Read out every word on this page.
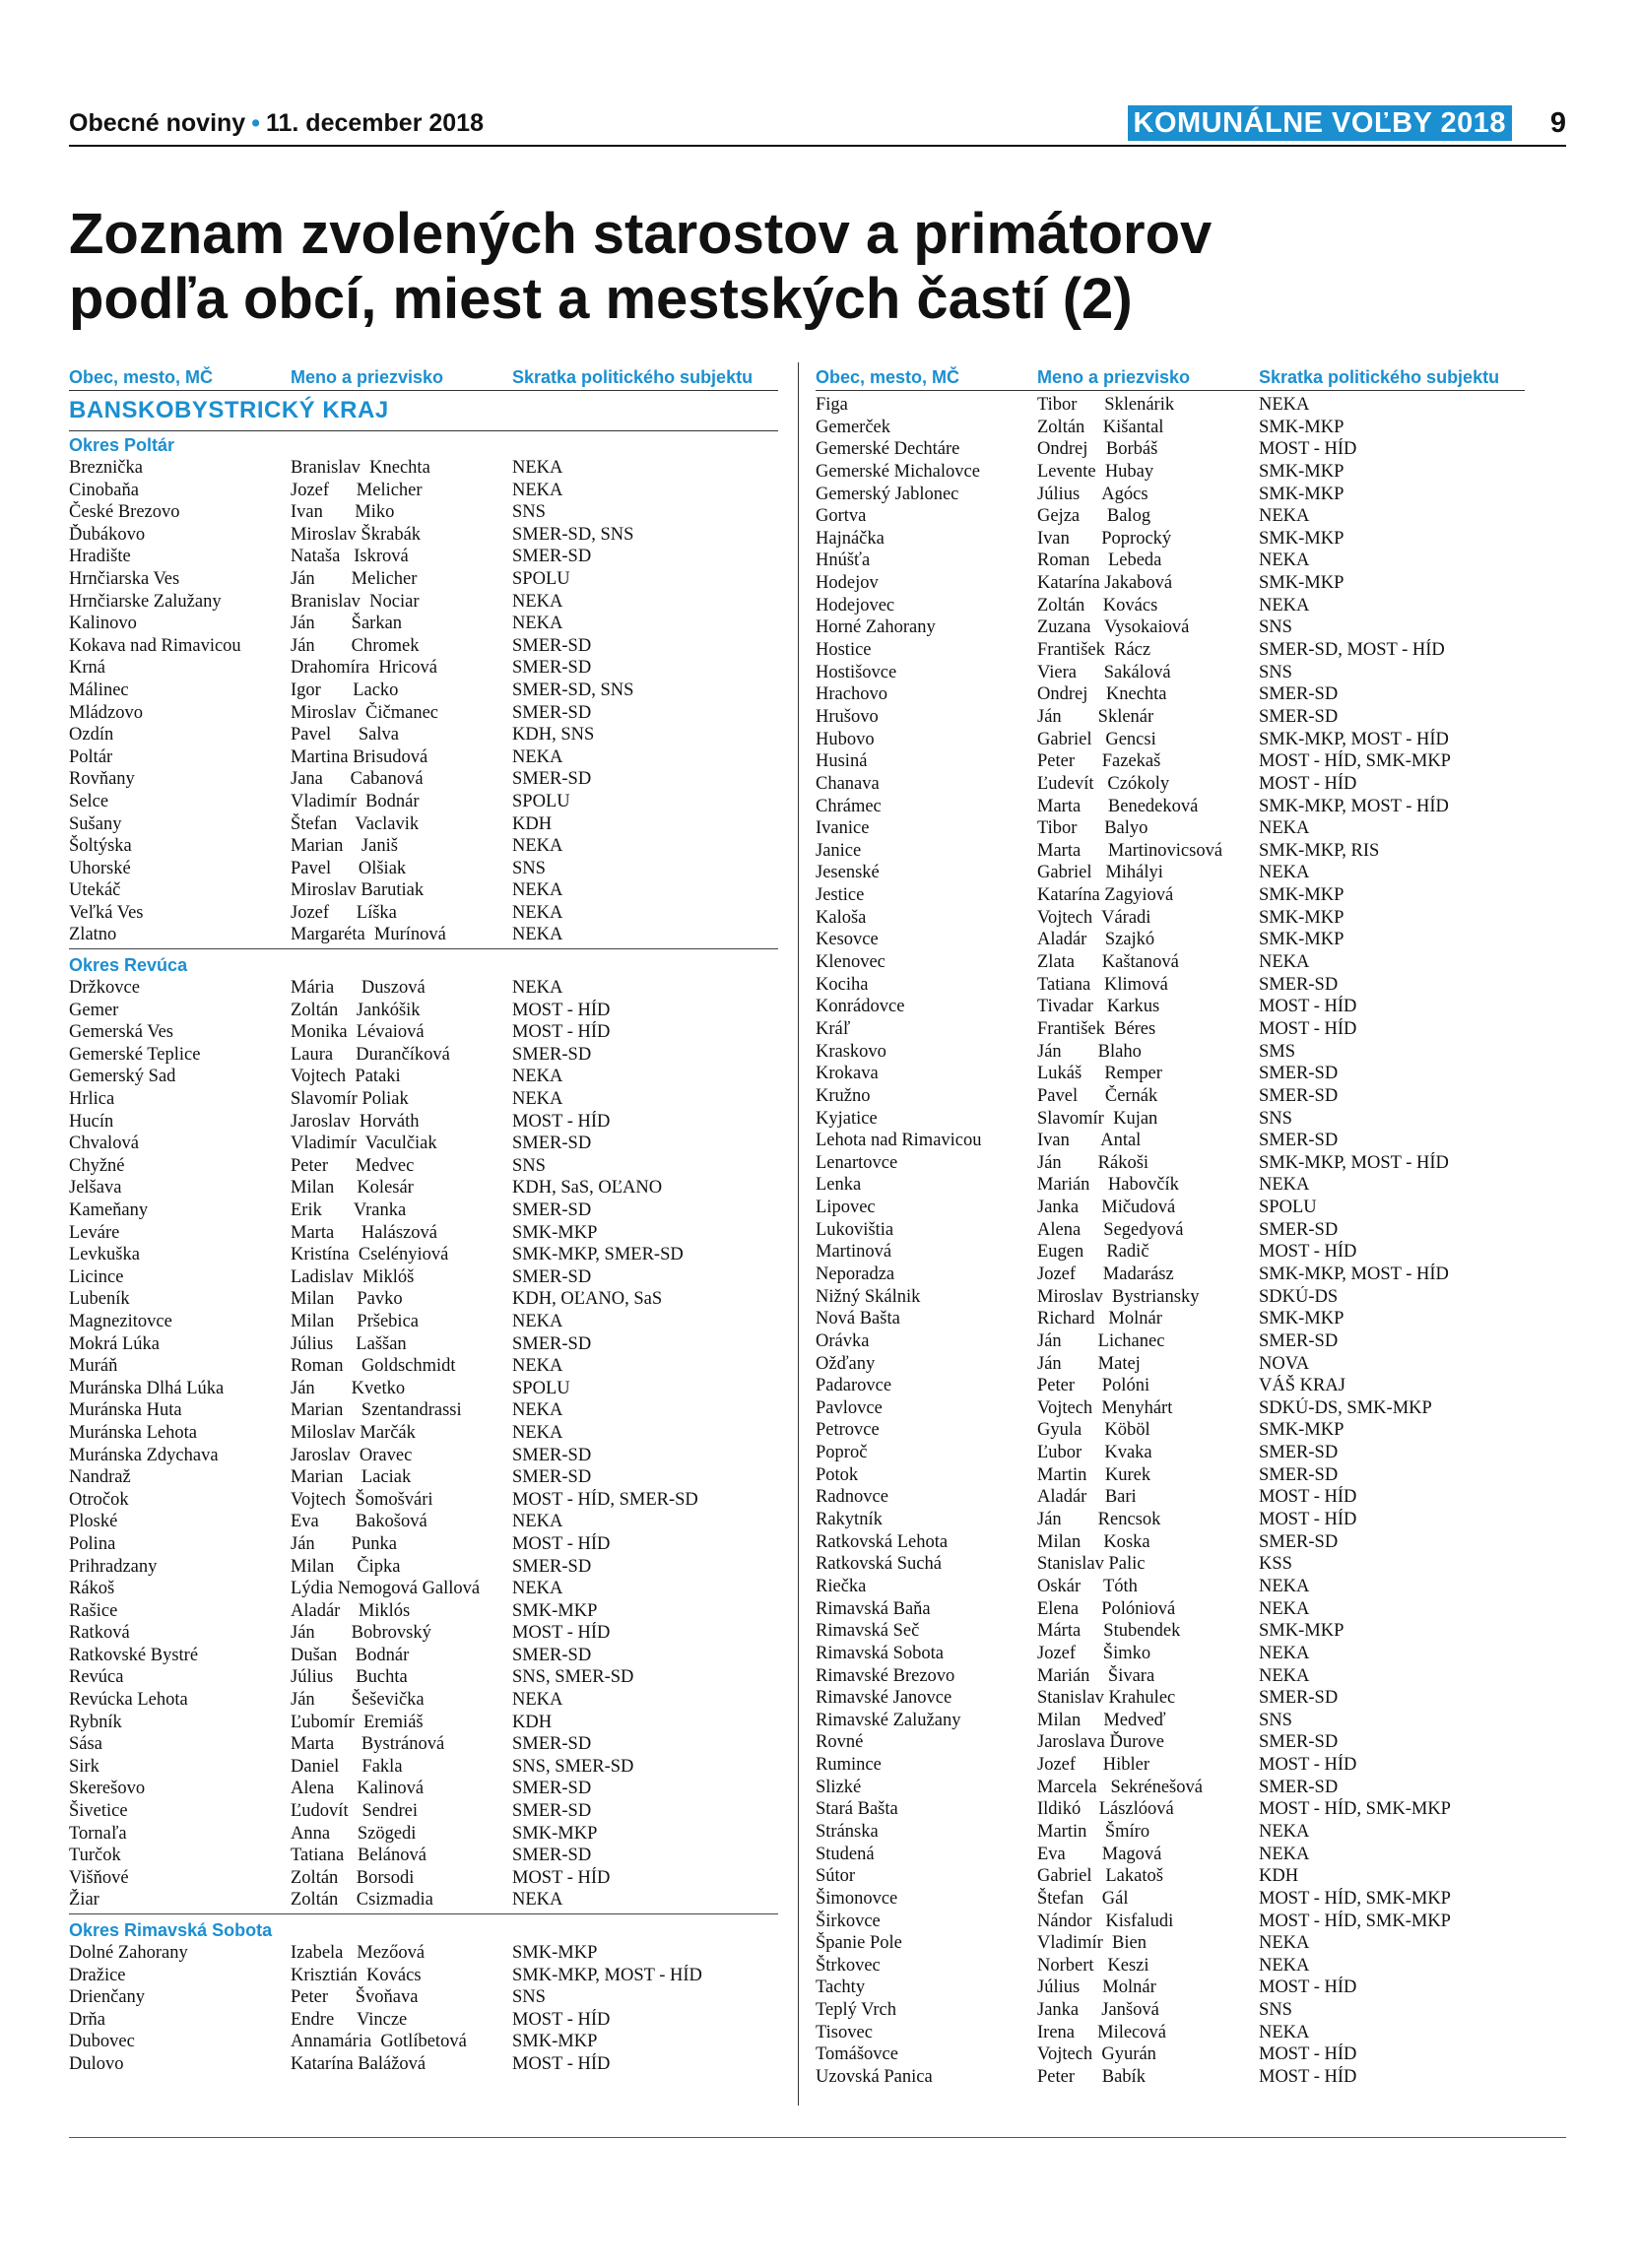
Obecné noviny • 11. december 2018	KOMUNÁLNE VOĽBY 2018 9
Zoznam zvolených starostov a primátorov
podľa obcí, miest a mestských častí (2)
Obec, mesto, MČ	Meno a priezvisko	Skratka politického subjektu
BANSKOBYSTRICKÝ KRAJ
Okres Poltár
Breznička	Branislav  Knechta	NEKA
Cinobaňa	Jozef      Melicher	NEKA
České Brezovo	Ivan       Miko	SNS
Ďubákovo	Miroslav Škrabák	SMER-SD, SNS
Hradište	Nataša   Iskrová	SMER-SD
Hrnčiarska Ves	Ján        Melicher	SPOLU
Hrnčiarske Zalužany	Branislav  Nociar	NEKA
Kalinovo	Ján        Šarkan	NEKA
Kokava nad Rimavicou	Ján        Chromek	SMER-SD
Krná	Drahomíra  Hricová	SMER-SD
Málinec	Igor       Lacko	SMER-SD, SNS
Mládzovo	Miroslav  Čičmanec	SMER-SD
Ozdín	Pavel      Salva	KDH, SNS
Poltár	Martina Brisudová	NEKA
Rovňany	Jana      Cabanová	SMER-SD
Selce	Vladimír  Bodnár	SPOLU
Sušany	Štefan    Vaclavik	KDH
Šoltýska	Marian    Janiš	NEKA
Uhorské	Pavel      Olšiak	SNS
Utekáč	Miroslav Barutiak	NEKA
Veľká Ves	Jozef      Líška	NEKA
Zlatno	Margaréta  Murínová	NEKA
Okres Revúca
Držkovce	Mária      Duszová	NEKA
Gemer	Zoltán    Jankóšik	MOST - HÍD
Gemerská Ves	Monika  Lévaiová	MOST - HÍD
Gemerské Teplice	Laura     Durančíková	SMER-SD
Gemerský Sad	Vojtech  Pataki	NEKA
Hrlica	Slavomír Poliak	NEKA
Hucín	Jaroslav  Horváth	MOST - HÍD
Chvalová	Vladimír  Vaculčiak	SMER-SD
Chyžné	Peter      Medvec	SNS
Jelšava	Milan     Kolesár	KDH, SaS, OĽANO
Kameňany	Erik       Vranka	SMER-SD
Leváre	Marta      Halászová	SMK-MKP
Levkuška	Kristína  Cselényiová	SMK-MKP, SMER-SD
Licince	Ladislav  Miklóš	SMER-SD
Lubeník	Milan     Pavko	KDH, OĽANO, SaS
Magnezitovce	Milan     Pršebica	NEKA
Mokrá Lúka	Július     Laššan	SMER-SD
Muráň	Roman    Goldschmidt	NEKA
Muránska Dlhá Lúka	Ján        Kvetko	SPOLU
Muránska Huta	Marian    Szentandrassi	NEKA
Muránska Lehota	Miloslav Marčák	NEKA
Muránska Zdychava	Jaroslav  Oravec	SMER-SD
Nandraž	Marian    Laciak	SMER-SD
Otročok	Vojtech  Šomošvári	MOST - HÍD, SMER-SD
Ploské	Eva        Bakošová	NEKA
Polina	Ján        Punka	MOST - HÍD
Prihradzany	Milan     Čipka	SMER-SD
Rákoš	Lýdia Nemogová Gallová	NEKA
Rašice	Aladár    Miklós	SMK-MKP
Ratková	Ján        Bobrovský	MOST - HÍD
Ratkovské Bystré	Dušan    Bodnár	SMER-SD
Revúca	Július     Buchta	SNS, SMER-SD
Revúcka Lehota	Ján        Šeševička	NEKA
Rybník	Ľubomír  Eremiáš	KDH
Sása	Marta      Bystránová	SMER-SD
Sirk	Daniel     Fakla	SNS, SMER-SD
Skerešovo	Alena     Kalinová	SMER-SD
Šivetice	Ľudovít   Sendrei	SMER-SD
Tornaľa	Anna      Szögedi	SMK-MKP
Turčok	Tatiana   Belánová	SMER-SD
Višňové	Zoltán    Borsodi	MOST - HÍD
Žiar	Zoltán    Csizmadia	NEKA
Okres Rimavská Sobota
Dolné Zahorany	Izabela   Mezőová	SMK-MKP
Dražice	Krisztián  Kovács	SMK-MKP, MOST - HÍD
Drienčany	Peter      Švoňava	SNS
Drňa	Endre     Vincze	MOST - HÍD
Dubovec	Annamária  Gotlíbetová	SMK-MKP
Dulovo	Katarína Balážová	MOST - HÍD
Obec, mesto, MČ	Meno a priezvisko	Skratka politického subjektu
Figa	Tibor      Sklenárik	NEKA
Gemerček	Zoltán    Kišantal	SMK-MKP
Gemerské Dechtáre	Ondrej    Borbáš	MOST - HÍD
Gemerské Michalovce	Levente  Hubay	SMK-MKP
Gemerský Jablonec	Július     Agócs	SMK-MKP
Gortva	Gejza      Balog	NEKA
Hajnáčka	Ivan       Poprocký	SMK-MKP
Hnúšťa	Roman    Lebeda	NEKA
Hodejov	Katarína Jakabová	SMK-MKP
Hodejovec	Zoltán    Kovács	NEKA
Horné Zahorany	Zuzana   Vysokaiová	SNS
Hostice	František  Rácz	SMER-SD, MOST - HÍD
Hostišovce	Viera      Sakálová	SNS
Hrachovo	Ondrej    Knechta	SMER-SD
Hrušovo	Ján        Sklenár	SMER-SD
Hubovo	Gabriel   Gencsi	SMK-MKP, MOST - HÍD
Husiná	Peter      Fazekaš	MOST - HÍD, SMK-MKP
Chanava	Ľudevít   Czókoly	MOST - HÍD
Chrámec	Marta      Benedeková	SMK-MKP, MOST - HÍD
Ivanice	Tibor      Balyo	NEKA
Janice	Marta      Martinovicsová	SMK-MKP, RIS
Jesenské	Gabriel   Mihályi	NEKA
Jestice	Katarína Zagyiová	SMK-MKP
Kaloša	Vojtech  Váradi	SMK-MKP
Kesovce	Aladár    Szajkó	SMK-MKP
Klenovec	Zlata      Kaštanová	NEKA
Kociha	Tatiana   Klimová	SMER-SD
Konrádovce	Tivadar   Karkus	MOST - HÍD
Kráľ	František  Béres	MOST - HÍD
Kraskovo	Ján        Blaho	SMS
Krokava	Lukáš     Remper	SMER-SD
Kružno	Pavel      Černák	SMER-SD
Kyjatice	Slavomír  Kujan	SNS
Lehota nad Rimavicou	Ivan       Antal	SMER-SD
Lenartovce	Ján        Rákoši	SMK-MKP, MOST - HÍD
Lenka	Marián    Habovčík	NEKA
Lipovec	Janka     Mičudová	SPOLU
Lukovištia	Alena     Segedyová	SMER-SD
Martinová	Eugen     Radič	MOST - HÍD
Neporadza	Jozef      Madarász	SMK-MKP, MOST - HÍD
Nižný Skálnik	Miroslav  Bystriansky	SDKÚ-DS
Nová Bašta	Richard   Molnár	SMK-MKP
Orávka	Ján        Lichanec	SMER-SD
Ožďany	Ján        Matej	NOVA
Padarovce	Peter      Polóni	VÁŠ KRAJ
Pavlovce	Vojtech  Menyhárt	SDKÚ-DS, SMK-MKP
Petrovce	Gyula     Köböl	SMK-MKP
Poproč	Ľubor     Kvaka	SMER-SD
Potok	Martin    Kurek	SMER-SD
Radnovce	Aladár    Bari	MOST - HÍD
Rakytník	Ján        Rencsok	MOST - HÍD
Ratkovská Lehota	Milan     Koska	SMER-SD
Ratkovská Suchá	Stanislav Palic	KSS
Riečka	Oskár     Tóth	NEKA
Rimavská Baňa	Elena     Polóniová	NEKA
Rimavská Seč	Márta     Stubendek	SMK-MKP
Rimavská Sobota	Jozef      Šimko	NEKA
Rimavské Brezovo	Marián    Šivara	NEKA
Rimavské Janovce	Stanislav Krahulec	SMER-SD
Rimavské Zalužany	Milan     Medveď	SNS
Rovné	Jaroslava Ďurove	SMER-SD
Rumince	Jozef      Hibler	MOST - HÍD
Slizké	Marcela   Sekrénešová	SMER-SD
Stará Bašta	Ildikó    Lászlóová	MOST - HÍD, SMK-MKP
Stránska	Martin    Šmíro	NEKA
Studená	Eva        Magová	NEKA
Sútor	Gabriel   Lakatoš	KDH
Šimonovce	Štefan    Gál	MOST - HÍD, SMK-MKP
Širkovce	Nándor   Kisfaludi	MOST - HÍD, SMK-MKP
Španie Pole	Vladimír  Bien	NEKA
Štrkovec	Norbert   Keszi	NEKA
Tachty	Július     Molnár	MOST - HÍD
Teplý Vrch	Janka     Janšová	SNS
Tisovec	Irena     Milecová	NEKA
Tomášovce	Vojtech  Gyurán	MOST - HÍD
Uzovská Panica	Peter      Babík	MOST - HÍD
